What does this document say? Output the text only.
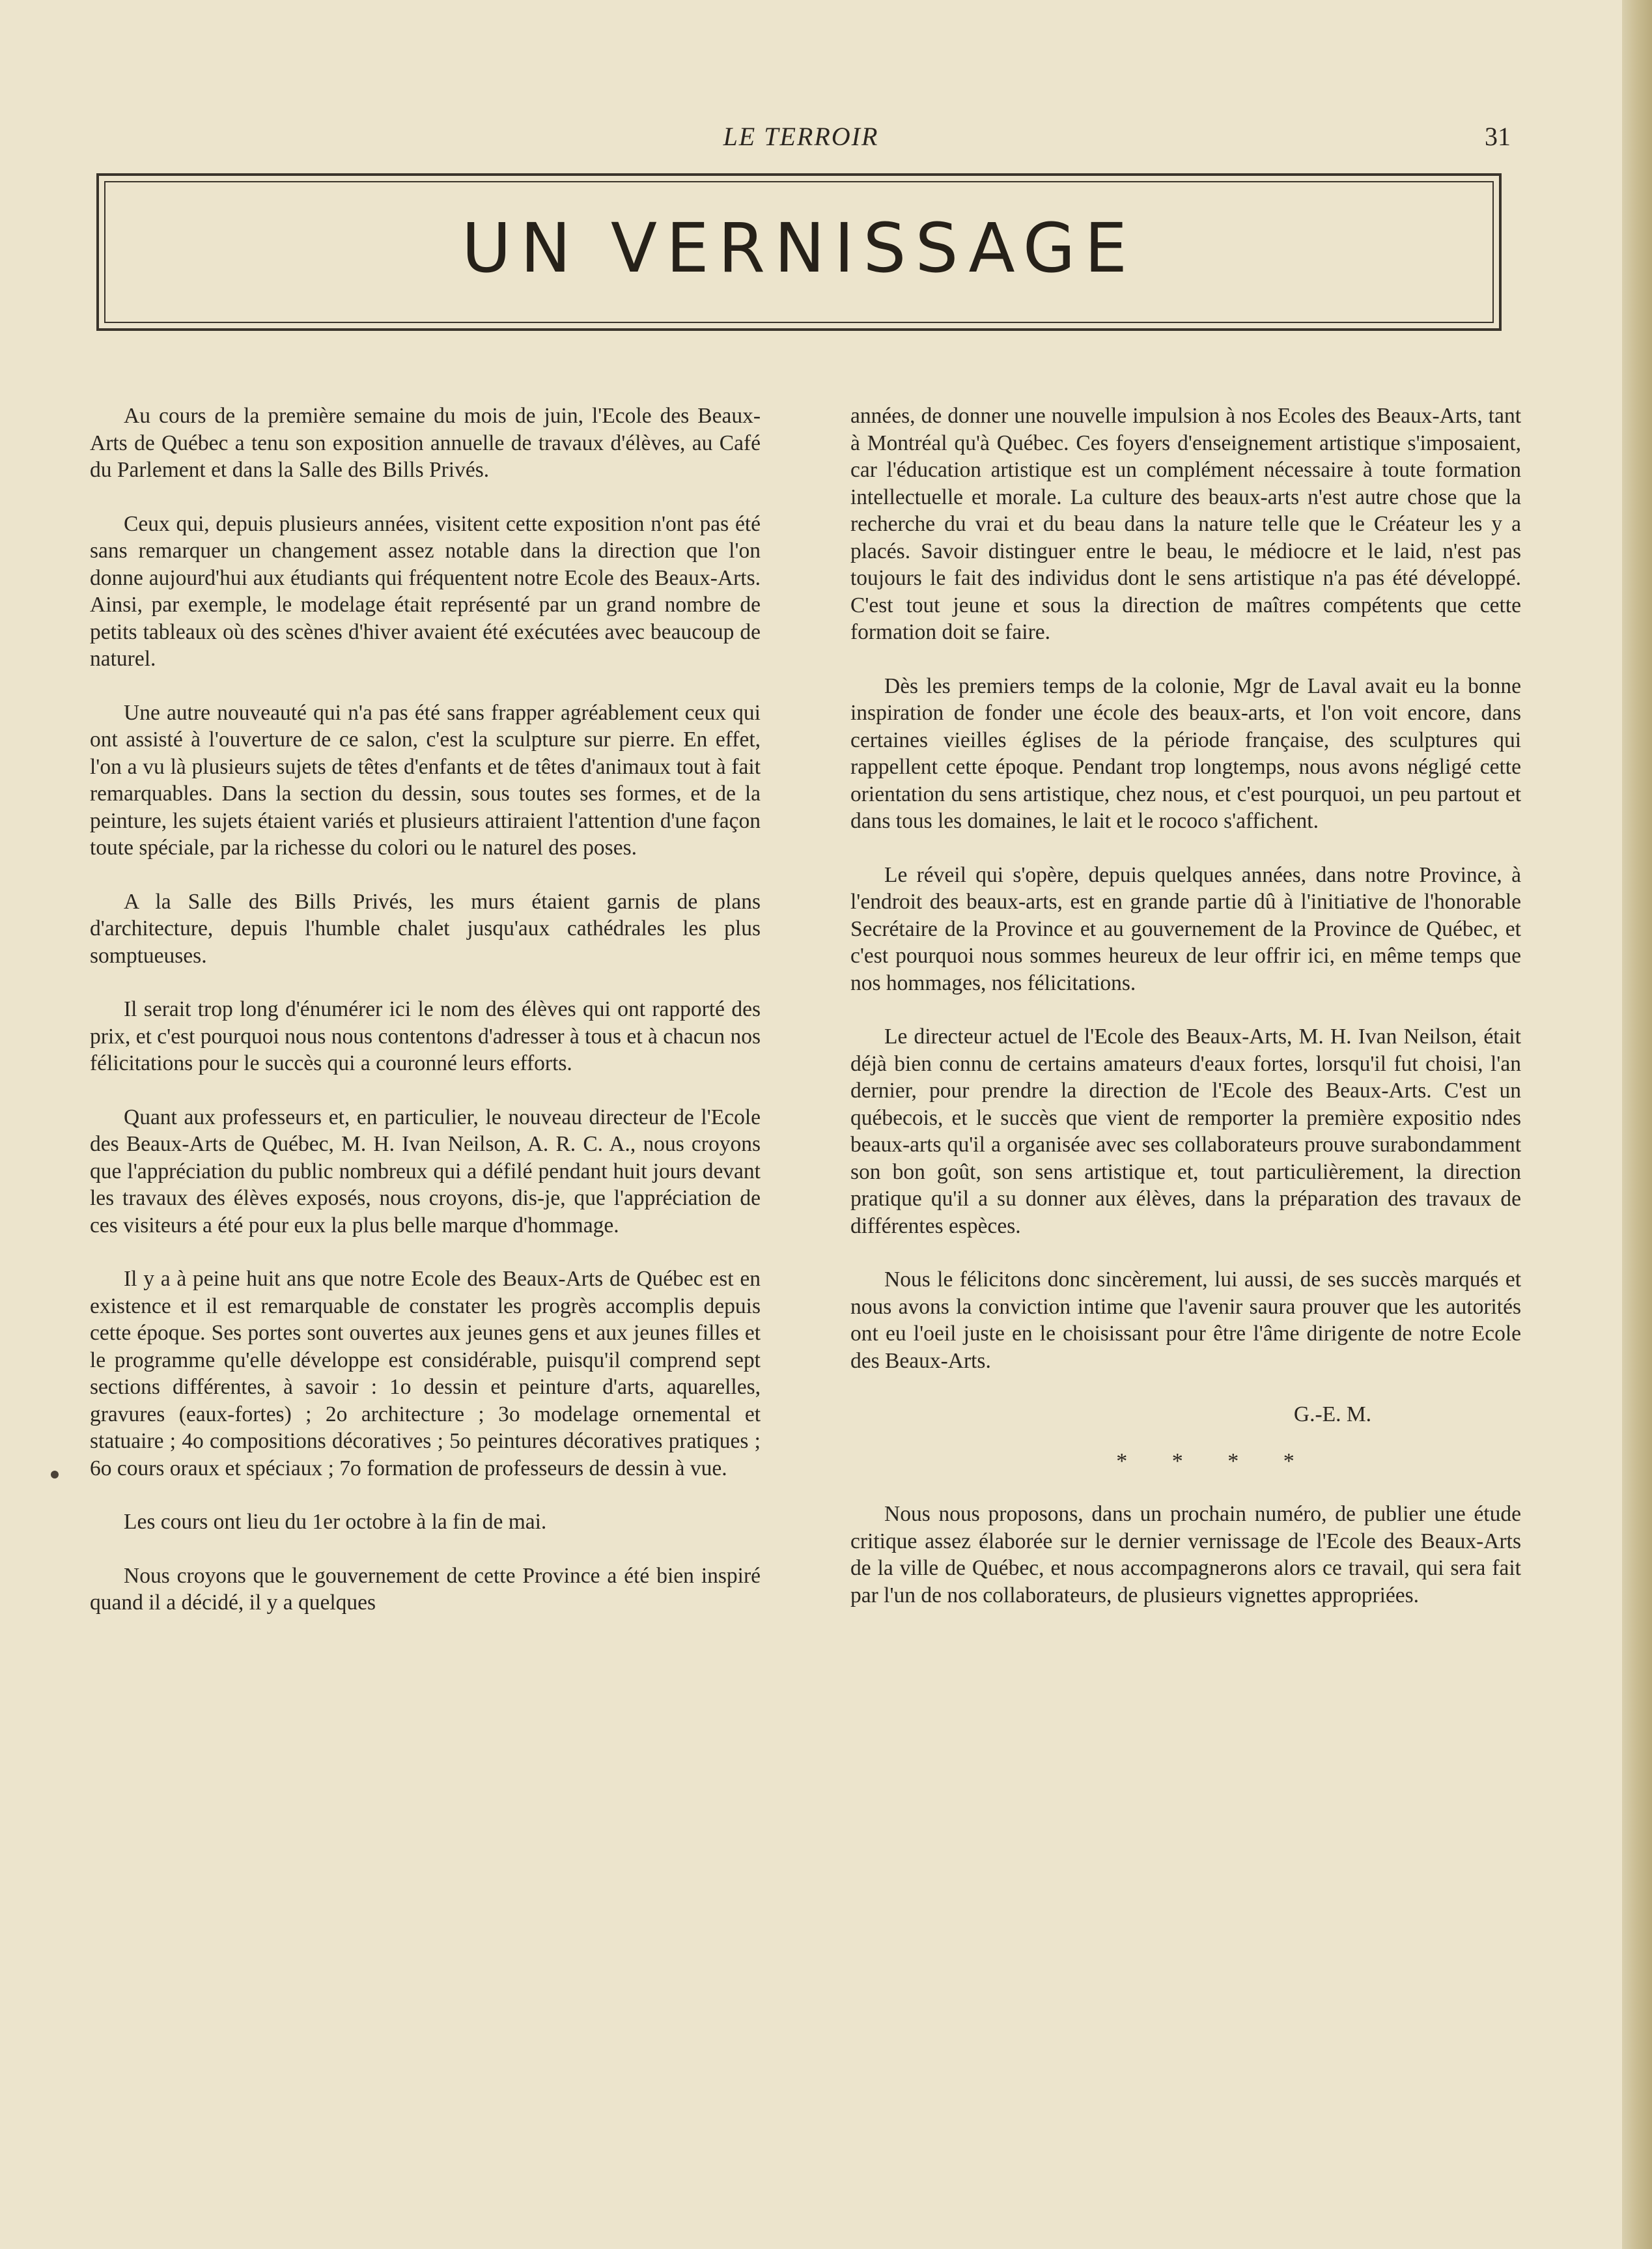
LE TERROIR	31
UN VERNISSAGE

Au cours de la première semaine du mois de juin, l'Ecole des Beaux-Arts de Québec a tenu son exposition annuelle de travaux d'élèves, au Café du Parlement et dans la Salle des Bills Privés.

Ceux qui, depuis plusieurs années, visitent cette exposition n'ont pas été sans remarquer un changement assez notable dans la direction que l'on donne aujourd'hui aux étudiants qui fréquentent notre Ecole des Beaux-Arts. Ainsi, par exemple, le modelage était représenté par un grand nombre de petits tableaux où des scènes d'hiver avaient été exécutées avec beaucoup de naturel.

Une autre nouveauté qui n'a pas été sans frapper agréablement ceux qui ont assisté à l'ouverture de ce salon, c'est la sculpture sur pierre. En effet, l'on a vu là plusieurs sujets de têtes d'enfants et de têtes d'animaux tout à fait remarquables. Dans la section du dessin, sous toutes ses formes, et de la peinture, les sujets étaient variés et plusieurs attiraient l'attention d'une façon toute spéciale, par la richesse du colori ou le naturel des poses.

A la Salle des Bills Privés, les murs étaient garnis de plans d'architecture, depuis l'humble chalet jusqu'aux cathédrales les plus somptueuses.

Il serait trop long d'énumérer ici le nom des élèves qui ont rapporté des prix, et c'est pourquoi nous nous contentons d'adresser à tous et à chacun nos félicitations pour le succès qui a couronné leurs efforts.

Quant aux professeurs et, en particulier, le nouveau directeur de l'Ecole des Beaux-Arts de Québec, M. H. Ivan Neilson, A. R. C. A., nous croyons que l'appréciation du public nombreux qui a défilé pendant huit jours devant les travaux des élèves exposés, nous croyons, dis-je, que l'appréciation de ces visiteurs a été pour eux la plus belle marque d'hommage.

Il y a à peine huit ans que notre Ecole des Beaux-Arts de Québec est en existence et il est remarquable de constater les progrès accomplis depuis cette époque. Ses portes sont ouvertes aux jeunes gens et aux jeunes filles et le programme qu'elle développe est considérable, puisqu'il comprend sept sections différentes, à savoir : 1o dessin et peinture d'arts, aquarelles, gravures (eaux-fortes) ; 2o architecture ; 3o modelage ornemental et statuaire ; 4o compositions décoratives ; 5o peintures décoratives pratiques ; 6o cours oraux et spéciaux ; 7o formation de professeurs de dessin à vue.

Les cours ont lieu du 1er octobre à la fin de mai.

Nous croyons que le gouvernement de cette Province a été bien inspiré quand il a décidé, il y a quelques

années, de donner une nouvelle impulsion à nos Ecoles des Beaux-Arts, tant à Montréal qu'à Québec. Ces foyers d'enseignement artistique s'imposaient, car l'éducation artistique est un complément nécessaire à toute formation intellectuelle et morale. La culture des beaux-arts n'est autre chose que la recherche du vrai et du beau dans la nature telle que le Créateur les y a placés. Savoir distinguer entre le beau, le médiocre et le laid, n'est pas toujours le fait des individus dont le sens artistique n'a pas été développé. C'est tout jeune et sous la direction de maîtres compétents que cette formation doit se faire.

Dès les premiers temps de la colonie, Mgr de Laval avait eu la bonne inspiration de fonder une école des beaux-arts, et l'on voit encore, dans certaines vieilles églises de la période française, des sculptures qui rappellent cette époque. Pendant trop longtemps, nous avons négligé cette orientation du sens artistique, chez nous, et c'est pourquoi, un peu partout et dans tous les domaines, le lait et le rococo s'affichent.

Le réveil qui s'opère, depuis quelques années, dans notre Province, à l'endroit des beaux-arts, est en grande partie dû à l'initiative de l'honorable Secrétaire de la Province et au gouvernement de la Province de Québec, et c'est pourquoi nous sommes heureux de leur offrir ici, en même temps que nos hommages, nos félicitations.

Le directeur actuel de l'Ecole des Beaux-Arts, M. H. Ivan Neilson, était déjà bien connu de certains amateurs d'eaux fortes, lorsqu'il fut choisi, l'an dernier, pour prendre la direction de l'Ecole des Beaux-Arts. C'est un québecois, et le succès que vient de remporter la première expositio ndes beaux-arts qu'il a organisée avec ses collaborateurs prouve surabondamment son bon goût, son sens artistique et, tout particulièrement, la direction pratique qu'il a su donner aux élèves, dans la préparation des travaux de différentes espèces.

Nous le félicitons donc sincèrement, lui aussi, de ses succès marqués et nous avons la conviction intime que l'avenir saura prouver que les autorités ont eu l'oeil juste en le choisissant pour être l'âme dirigente de notre Ecole des Beaux-Arts.

G.-E. M.
* * * *

Nous nous proposons, dans un prochain numéro, de publier une étude critique assez élaborée sur le dernier vernissage de l'Ecole des Beaux-Arts de la ville de Québec, et nous accompagnerons alors ce travail, qui sera fait par l'un de nos collaborateurs, de plusieurs vignettes appropriées.
